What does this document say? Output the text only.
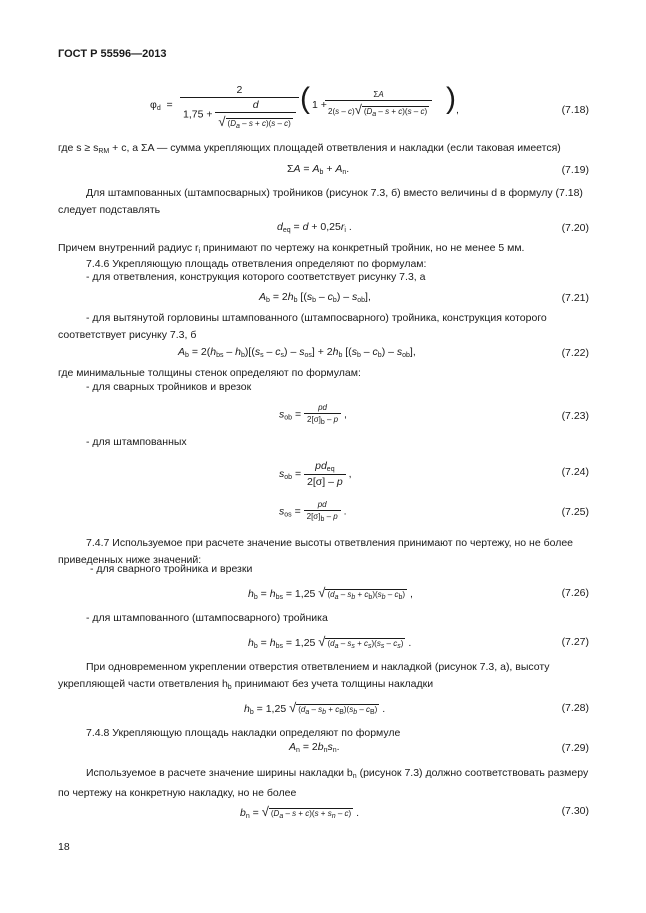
ГОСТ Р 55596—2013
$\varphi_d = \frac{2}{1,75 + \frac{d}{√ (D_a - s + c)(s - c)}}$ ( 1 +
$\frac{\Sigma A}{2(s - c)√ (D_a - s + c)(s - c)}$ ) ,	(7.18)
где $s \ge s_{RM} + c$, а ΣA — сумма укрепляющих площадей ответвления и накладки (если таковая имеется)
$\Sigma A = A_b + A_n$.	(7.19)
Для штампованных (штампосварных) тройников (рисунок 7.3, б) вместо величины d в формулу (7.18) следует подставлять
$d_{eq} = d + 0,25r_i$ .	(7.20)
Причем внутренний радиус $r_i$ принимают по чертежу на конкретный тройник, но не менее 5 мм.
7.4.6 Укрепляющую площадь ответвления определяют по формулам:
- для ответвления, конструкция которого соответствует рисунку 7.3, а
$A_b = 2h_b$ $[(s_b - c_b) - s_{ob}]$,	(7.21)
- для вытянутой горловины штампованного (штампосварного) тройника, конструкция которого соответствует рисунку 7.3, б
$A_b = 2(h_{bs} - h_b)[(s_s - c_s) - s_{os}] + 2h_b$ $[(s_b - c_b) - s_{ob}]$,	(7.22)
где минимальные толщины стенок определяют по формулам:
- для сварных тройников и врезок
$s_{ob} = \frac{pd}{2[\sigma]_b - p}$ ,	(7.23)
- для штампованных
$s_{ob} = \frac{pd_{eq}}{2[\sigma] - p}$ ,	(7.24)
$s_{os} = \frac{pd}{2[\sigma]_b - p}$ .	(7.25)
7.4.7 Используемое при расчете значение высоты ответвления принимают по чертежу, но не более приведенных ниже значений:
- для сварного тройника и врезки
$h_b = h_{bs} = 1,25$ √ $(d_a - s_b + c_b)(s_b - c_b)$ ,	(7.26)
- для штампованного (штампосварного) тройника
$h_b = h_{bs} = 1,25$ √ $(d_a - s_s + c_s)(s_s - c_s)$ .	(7.27)
При одновременном укреплении отверстия ответвлением и накладкой (рисунок 7.3, а), высоту укрепляющей части ответвления $h_b$ принимают без учета толщины накладки
$h_b = 1,25$ √ $(d_a - s_b + c_B)(s_b - c_B)$ .	(7.28)
7.4.8 Укрепляющую площадь накладки определяют по формуле
$A_n = 2b_ns_n$.	(7.29)
Используемое в расчете значение ширины накладки $b_n$ (рисунок 7.3) должно соответствовать размеру по чертежу на конкретную накладку, но не более
$b_n$ = √ $(D_a - s + c)(s + s_n - c)$ .	(7.30)
18
